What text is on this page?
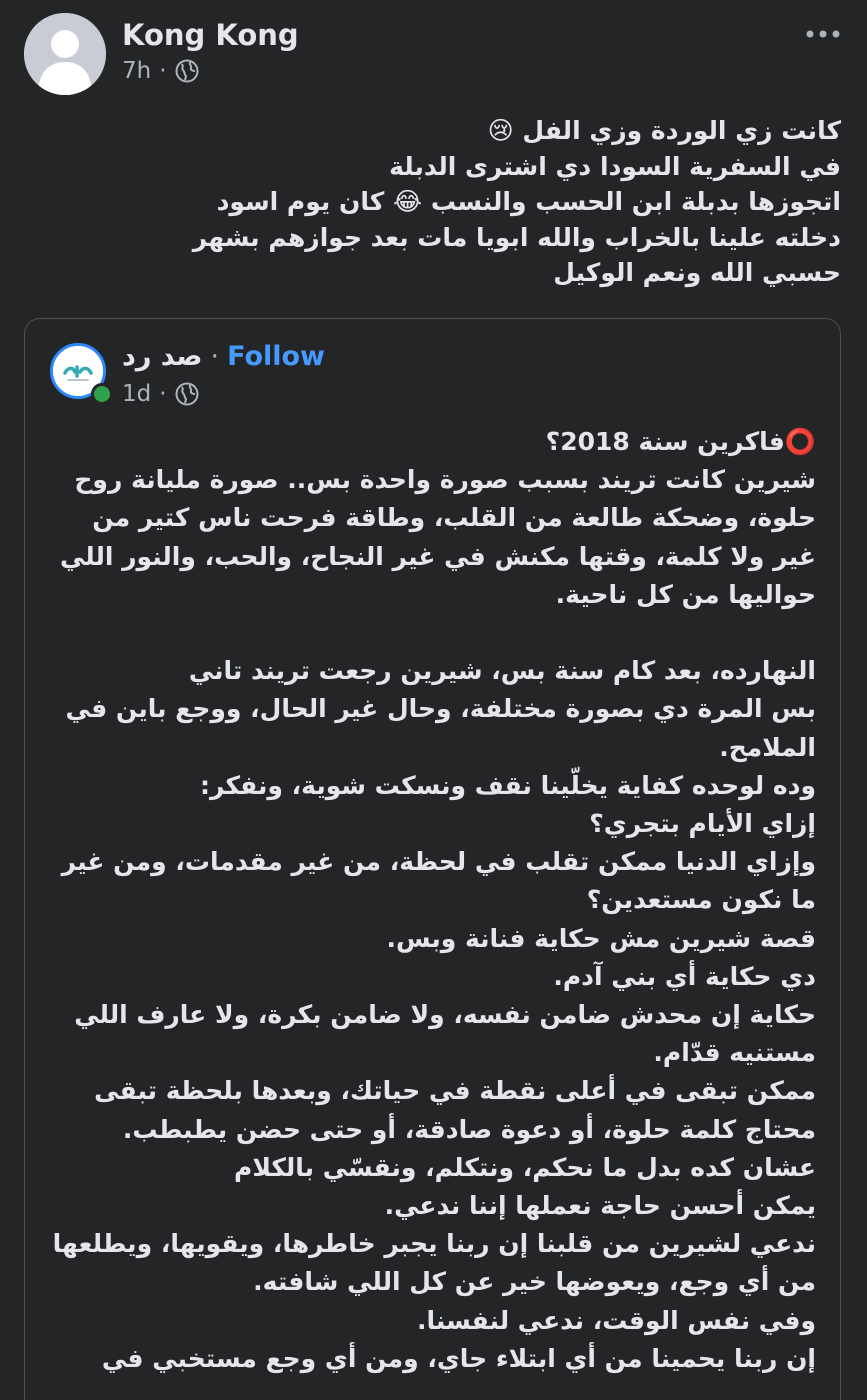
Kong Kong
7h ·
كانت زي الوردة وزي الفل 😢
في السفرية السودا دي اشترى الدبلة
اتجوزها بدبلة ابن الحسب والنسب 😂 كان يوم اسود
دخلته علينا بالخراب والله ابويا مات بعد جوازهم بشهر
حسبي الله ونعم الوكيل
صد رد · Follow
1d ·
⭕فاكرين سنة 2018؟
شيرين كانت تريند بسبب صورة واحدة بس.. صورة مليانة روح
حلوة، وضحكة طالعة من القلب، وطاقة فرحت ناس كتير من
غير ولا كلمة، وقتها مكنش في غير النجاح، والحب، والنور اللي
حواليها من كل ناحية.
النهارده، بعد كام سنة بس، شيرين رجعت تريند تاني
بس المرة دي بصورة مختلفة، وحال غير الحال، ووجع باين في
الملامح.
وده لوحده كفاية يخلّينا نقف ونسكت شوية، ونفكر:
إزاي الأيام بتجري؟
وإزاي الدنيا ممكن تقلب في لحظة، من غير مقدمات، ومن غير
ما نكون مستعدين؟
قصة شيرين مش حكاية فنانة وبس.
دي حكاية أي بني آدم.
حكاية إن محدش ضامن نفسه، ولا ضامن بكرة، ولا عارف اللي
مستنيه قدّام.
ممكن تبقى في أعلى نقطة في حياتك، وبعدها بلحظة تبقى
محتاج كلمة حلوة، أو دعوة صادقة، أو حتى حضن يطبطب.
عشان كده بدل ما نحكم، ونتكلم، ونقسّي بالكلام
يمكن أحسن حاجة نعملها إننا ندعي.
ندعي لشيرين من قلبنا إن ربنا يجبر خاطرها، ويقويها، ويطلعها
من أي وجع، ويعوضها خير عن كل اللي شافته.
وفي نفس الوقت، ندعي لنفسنا.
إن ربنا يحمينا من أي ابتلاء جاي، ومن أي وجع مستخبي في
